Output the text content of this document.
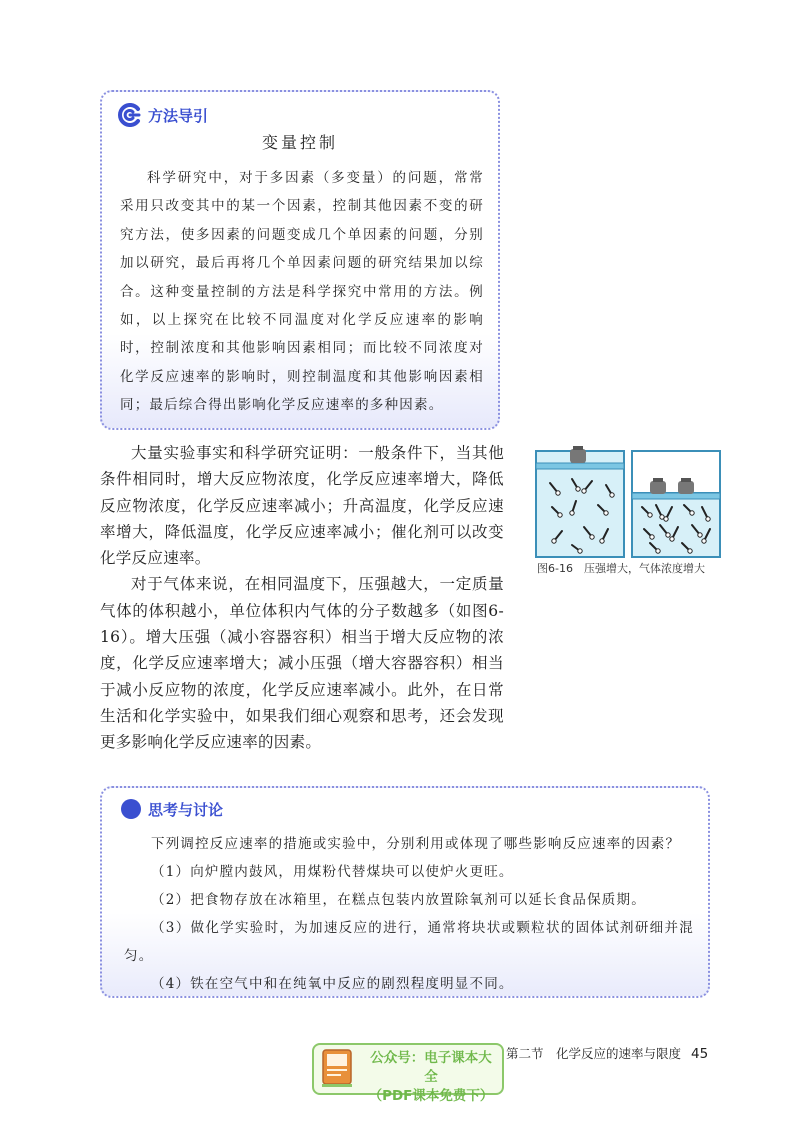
方法导引
变量控制

科学研究中，对于多因素（多变量）的问题，常常采用只改变其中的某一个因素，控制其他因素不变的研究方法，使多因素的问题变成几个单因素的问题，分别加以研究，最后再将几个单因素问题的研究结果加以综合。这种变量控制的方法是科学探究中常用的方法。例如，以上探究在比较不同温度对化学反应速率的影响时，控制浓度和其他影响因素相同；而比较不同浓度对化学反应速率的影响时，则控制温度和其他影响因素相同；最后综合得出影响化学反应速率的多种因素。

大量实验事实和科学研究证明：一般条件下，当其他条件相同时，增大反应物浓度，化学反应速率增大，降低反应物浓度，化学反应速率减小；升高温度，化学反应速率增大，降低温度，化学反应速率减小；催化剂可以改变化学反应速率。

对于气体来说，在相同温度下，压强越大，一定质量气体的体积越小，单位体积内气体的分子数越多（如图6-16）。增大压强（减小容器容积）相当于增大反应物的浓度，化学反应速率增大；减小压强（增大容器容积）相当于减小反应物的浓度，化学反应速率减小。此外，在日常生活和化学实验中，如果我们细心观察和思考，还会发现更多影响化学反应速率的因素。

图6-16　压强增大，气体浓度增大
思考与讨论
下列调控反应速率的措施或实验中，分别利用或体现了哪些影响反应速率的因素？
（1）向炉膛内鼓风，用煤粉代替煤块可以使炉火更旺。
（2）把食物存放在冰箱里，在糕点包装内放置除氧剂可以延长食品保质期。
（3）做化学实验时，为加速反应的进行，通常将块状或颗粒状的固体试剂研细并混匀。
（4）铁在空气中和在纯氧中反应的剧烈程度明显不同。
公众号：电子课本大全
（PDF课本免费下）
第二节　化学反应的速率与限度 45
